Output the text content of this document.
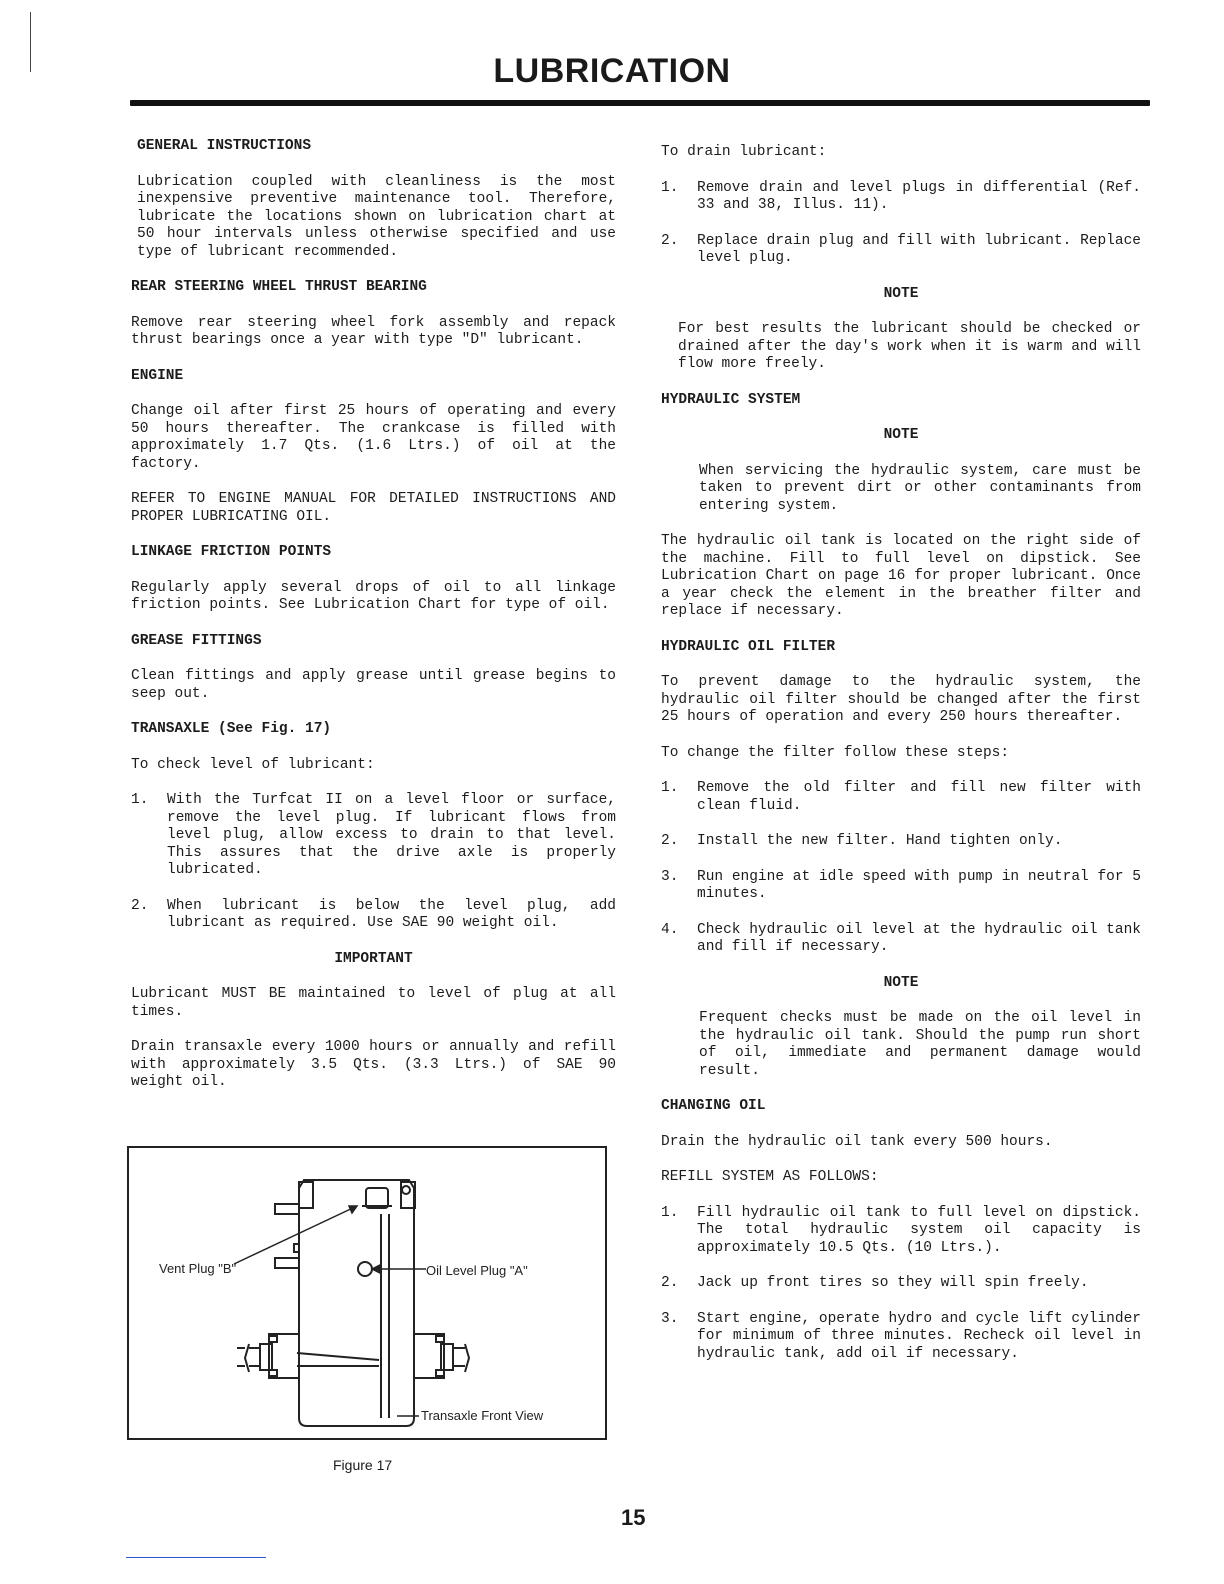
LUBRICATION
GENERAL INSTRUCTIONS
Lubrication coupled with cleanliness is the most inexpensive preventive maintenance tool. Therefore, lubricate the locations shown on lubrication chart at 50 hour intervals unless otherwise specified and use type of lubricant recommended.
REAR STEERING WHEEL THRUST BEARING
Remove rear steering wheel fork assembly and repack thrust bearings once a year with type "D" lubricant.
ENGINE
Change oil after first 25 hours of operating and every 50 hours thereafter. The crankcase is filled with approximately 1.7 Qts. (1.6 Ltrs.) of oil at the factory.
REFER TO ENGINE MANUAL FOR DETAILED INSTRUCTIONS AND PROPER LUBRICATING OIL.
LINKAGE FRICTION POINTS
Regularly apply several drops of oil to all linkage friction points. See Lubrication Chart for type of oil.
GREASE FITTINGS
Clean fittings and apply grease until grease begins to seep out.
TRANSAXLE (See Fig. 17)
To check level of lubricant:
1.	With the Turfcat II on a level floor or surface, remove the level plug. If lubricant flows from level plug, allow excess to drain to that level. This assures that the drive axle is properly lubricated.
2.	When lubricant is below the level plug, add lubricant as required. Use SAE 90 weight oil.
IMPORTANT
Lubricant MUST BE maintained to level of plug at all times.
Drain transaxle every 1000 hours or annually and refill with approximately 3.5 Qts. (3.3 Ltrs.) of SAE 90 weight oil.
Vent Plug "B"	Oil Level Plug "A"
Transaxle Front View
Figure 17
To drain lubricant:
1.	Remove drain and level plugs in differential (Ref. 33 and 38, Illus. 11).
2.	Replace drain plug and fill with lubricant. Replace level plug.
NOTE
For best results the lubricant should be checked or drained after the day's work when it is warm and will flow more freely.
HYDRAULIC SYSTEM
NOTE
When servicing the hydraulic system, care must be taken to prevent dirt or other contaminants from entering system.
The hydraulic oil tank is located on the right side of the machine. Fill to full level on dipstick. See Lubrication Chart on page 16 for proper lubricant. Once a year check the element in the breather filter and replace if necessary.
HYDRAULIC OIL FILTER
To prevent damage to the hydraulic system, the hydraulic oil filter should be changed after the first 25 hours of operation and every 250 hours thereafter.
To change the filter follow these steps:
1.	Remove the old filter and fill new filter with clean fluid.
2.	Install the new filter. Hand tighten only.
3.	Run engine at idle speed with pump in neutral for 5 minutes.
4.	Check hydraulic oil level at the hydraulic oil tank and fill if necessary.
NOTE
Frequent checks must be made on the oil level in the hydraulic oil tank. Should the pump run short of oil, immediate and permanent damage would result.
CHANGING OIL
Drain the hydraulic oil tank every 500 hours.
REFILL SYSTEM AS FOLLOWS:
1.	Fill hydraulic oil tank to full level on dipstick. The total hydraulic system oil capacity is approximately 10.5 Qts. (10 Ltrs.).
2.	Jack up front tires so they will spin freely.
3.	Start engine, operate hydro and cycle lift cylinder for minimum of three minutes. Recheck oil level in hydraulic tank, add oil if necessary.
15
